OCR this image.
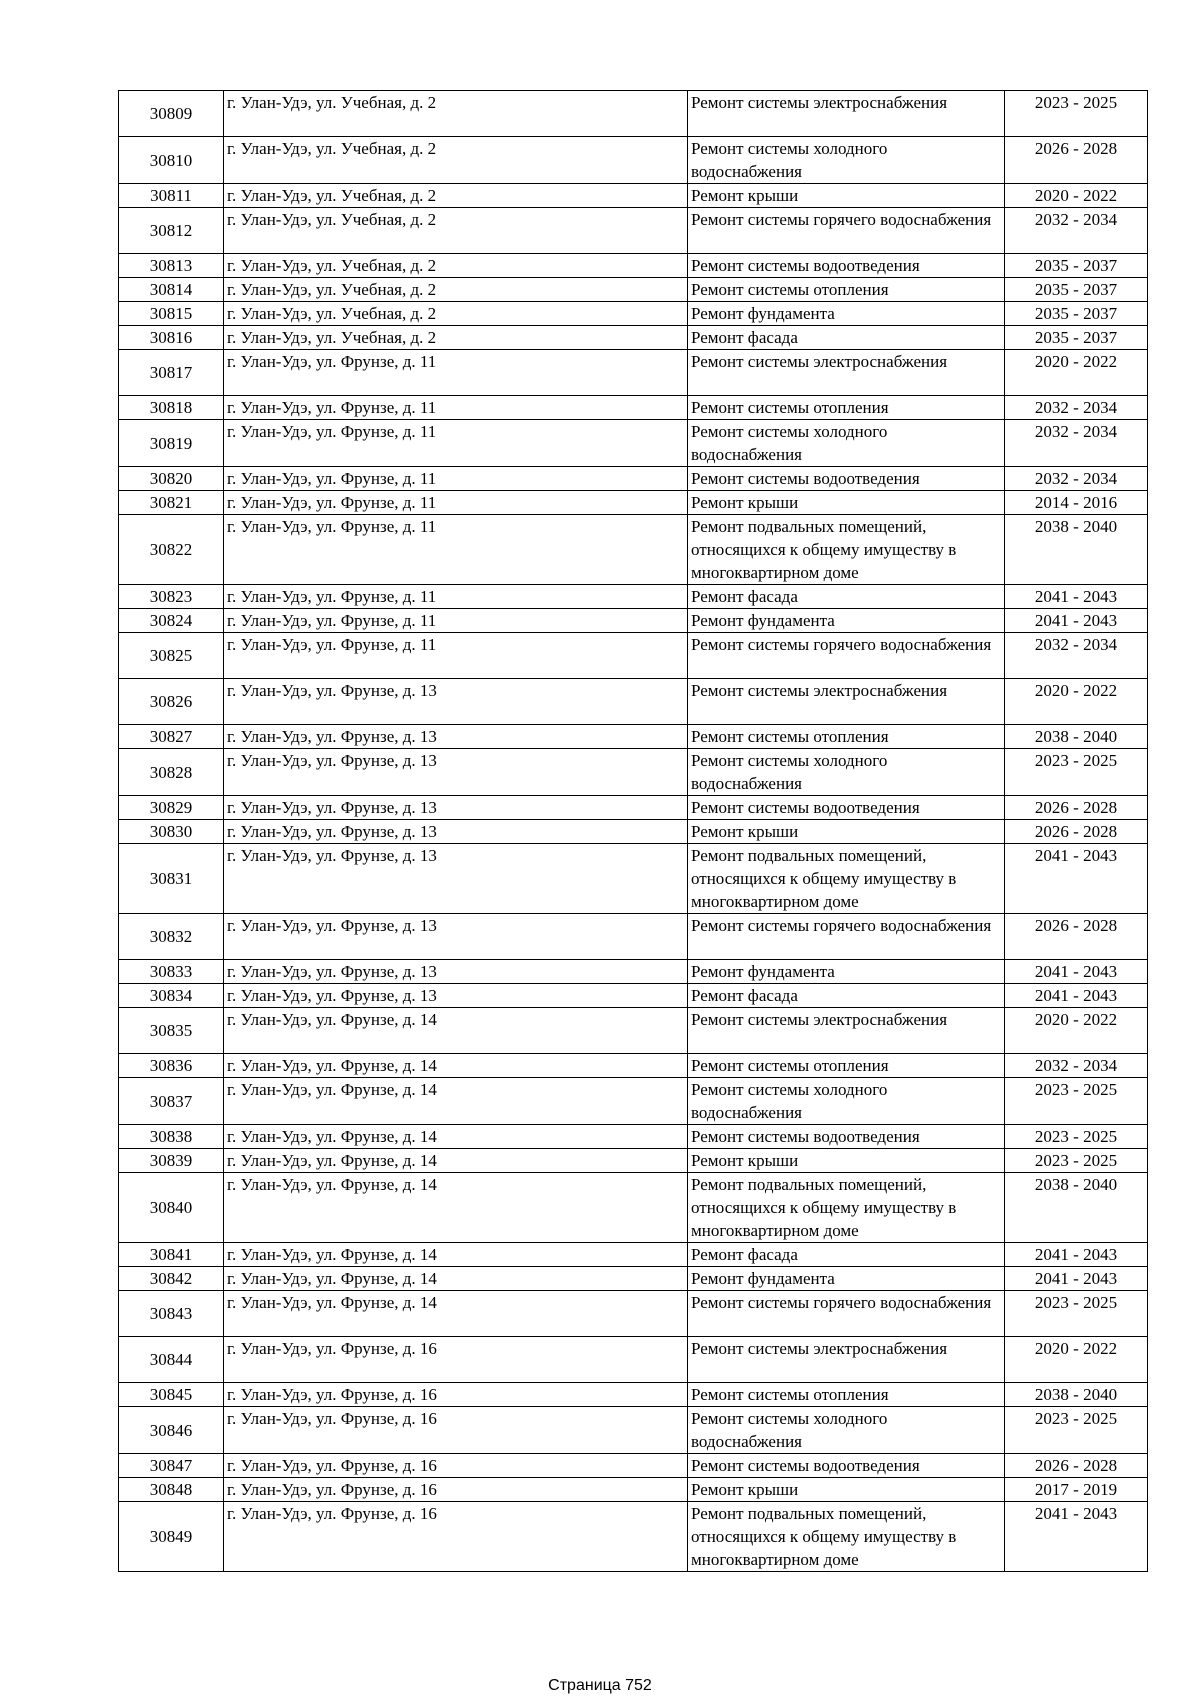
30809	г. Улан-Удэ, ул. Учебная, д. 2	Ремонт системы электроснабжения	2023 - 2025
30810	г. Улан-Удэ, ул. Учебная, д. 2	Ремонт системы холодного водоснабжения	2026 - 2028
30811	г. Улан-Удэ, ул. Учебная, д. 2	Ремонт крыши	2020 - 2022
30812	г. Улан-Удэ, ул. Учебная, д. 2	Ремонт системы горячего водоснабжения	2032 - 2034
30813	г. Улан-Удэ, ул. Учебная, д. 2	Ремонт системы водоотведения	2035 - 2037
30814	г. Улан-Удэ, ул. Учебная, д. 2	Ремонт системы отопления	2035 - 2037
30815	г. Улан-Удэ, ул. Учебная, д. 2	Ремонт фундамента	2035 - 2037
30816	г. Улан-Удэ, ул. Учебная, д. 2	Ремонт фасада	2035 - 2037
30817	г. Улан-Удэ, ул. Фрунзе, д. 11	Ремонт системы электроснабжения	2020 - 2022
30818	г. Улан-Удэ, ул. Фрунзе, д. 11	Ремонт системы отопления	2032 - 2034
30819	г. Улан-Удэ, ул. Фрунзе, д. 11	Ремонт системы холодного водоснабжения	2032 - 2034
30820	г. Улан-Удэ, ул. Фрунзе, д. 11	Ремонт системы водоотведения	2032 - 2034
30821	г. Улан-Удэ, ул. Фрунзе, д. 11	Ремонт крыши	2014 - 2016
30822	г. Улан-Удэ, ул. Фрунзе, д. 11	Ремонт подвальных помещений, относящихся к общему имуществу в многоквартирном доме	2038 - 2040
30823	г. Улан-Удэ, ул. Фрунзе, д. 11	Ремонт фасада	2041 - 2043
30824	г. Улан-Удэ, ул. Фрунзе, д. 11	Ремонт фундамента	2041 - 2043
30825	г. Улан-Удэ, ул. Фрунзе, д. 11	Ремонт системы горячего водоснабжения	2032 - 2034
30826	г. Улан-Удэ, ул. Фрунзе, д. 13	Ремонт системы электроснабжения	2020 - 2022
30827	г. Улан-Удэ, ул. Фрунзе, д. 13	Ремонт системы отопления	2038 - 2040
30828	г. Улан-Удэ, ул. Фрунзе, д. 13	Ремонт системы холодного водоснабжения	2023 - 2025
30829	г. Улан-Удэ, ул. Фрунзе, д. 13	Ремонт системы водоотведения	2026 - 2028
30830	г. Улан-Удэ, ул. Фрунзе, д. 13	Ремонт крыши	2026 - 2028
30831	г. Улан-Удэ, ул. Фрунзе, д. 13	Ремонт подвальных помещений, относящихся к общему имуществу в многоквартирном доме	2041 - 2043
30832	г. Улан-Удэ, ул. Фрунзе, д. 13	Ремонт системы горячего водоснабжения	2026 - 2028
30833	г. Улан-Удэ, ул. Фрунзе, д. 13	Ремонт фундамента	2041 - 2043
30834	г. Улан-Удэ, ул. Фрунзе, д. 13	Ремонт фасада	2041 - 2043
30835	г. Улан-Удэ, ул. Фрунзе, д. 14	Ремонт системы электроснабжения	2020 - 2022
30836	г. Улан-Удэ, ул. Фрунзе, д. 14	Ремонт системы отопления	2032 - 2034
30837	г. Улан-Удэ, ул. Фрунзе, д. 14	Ремонт системы холодного водоснабжения	2023 - 2025
30838	г. Улан-Удэ, ул. Фрунзе, д. 14	Ремонт системы водоотведения	2023 - 2025
30839	г. Улан-Удэ, ул. Фрунзе, д. 14	Ремонт крыши	2023 - 2025
30840	г. Улан-Удэ, ул. Фрунзе, д. 14	Ремонт подвальных помещений, относящихся к общему имуществу в многоквартирном доме	2038 - 2040
30841	г. Улан-Удэ, ул. Фрунзе, д. 14	Ремонт фасада	2041 - 2043
30842	г. Улан-Удэ, ул. Фрунзе, д. 14	Ремонт фундамента	2041 - 2043
30843	г. Улан-Удэ, ул. Фрунзе, д. 14	Ремонт системы горячего водоснабжения	2023 - 2025
30844	г. Улан-Удэ, ул. Фрунзе, д. 16	Ремонт системы электроснабжения	2020 - 2022
30845	г. Улан-Удэ, ул. Фрунзе, д. 16	Ремонт системы отопления	2038 - 2040
30846	г. Улан-Удэ, ул. Фрунзе, д. 16	Ремонт системы холодного водоснабжения	2023 - 2025
30847	г. Улан-Удэ, ул. Фрунзе, д. 16	Ремонт системы водоотведения	2026 - 2028
30848	г. Улан-Удэ, ул. Фрунзе, д. 16	Ремонт крыши	2017 - 2019
30849	г. Улан-Удэ, ул. Фрунзе, д. 16	Ремонт подвальных помещений, относящихся к общему имуществу в многоквартирном доме	2041 - 2043
Страница 752
